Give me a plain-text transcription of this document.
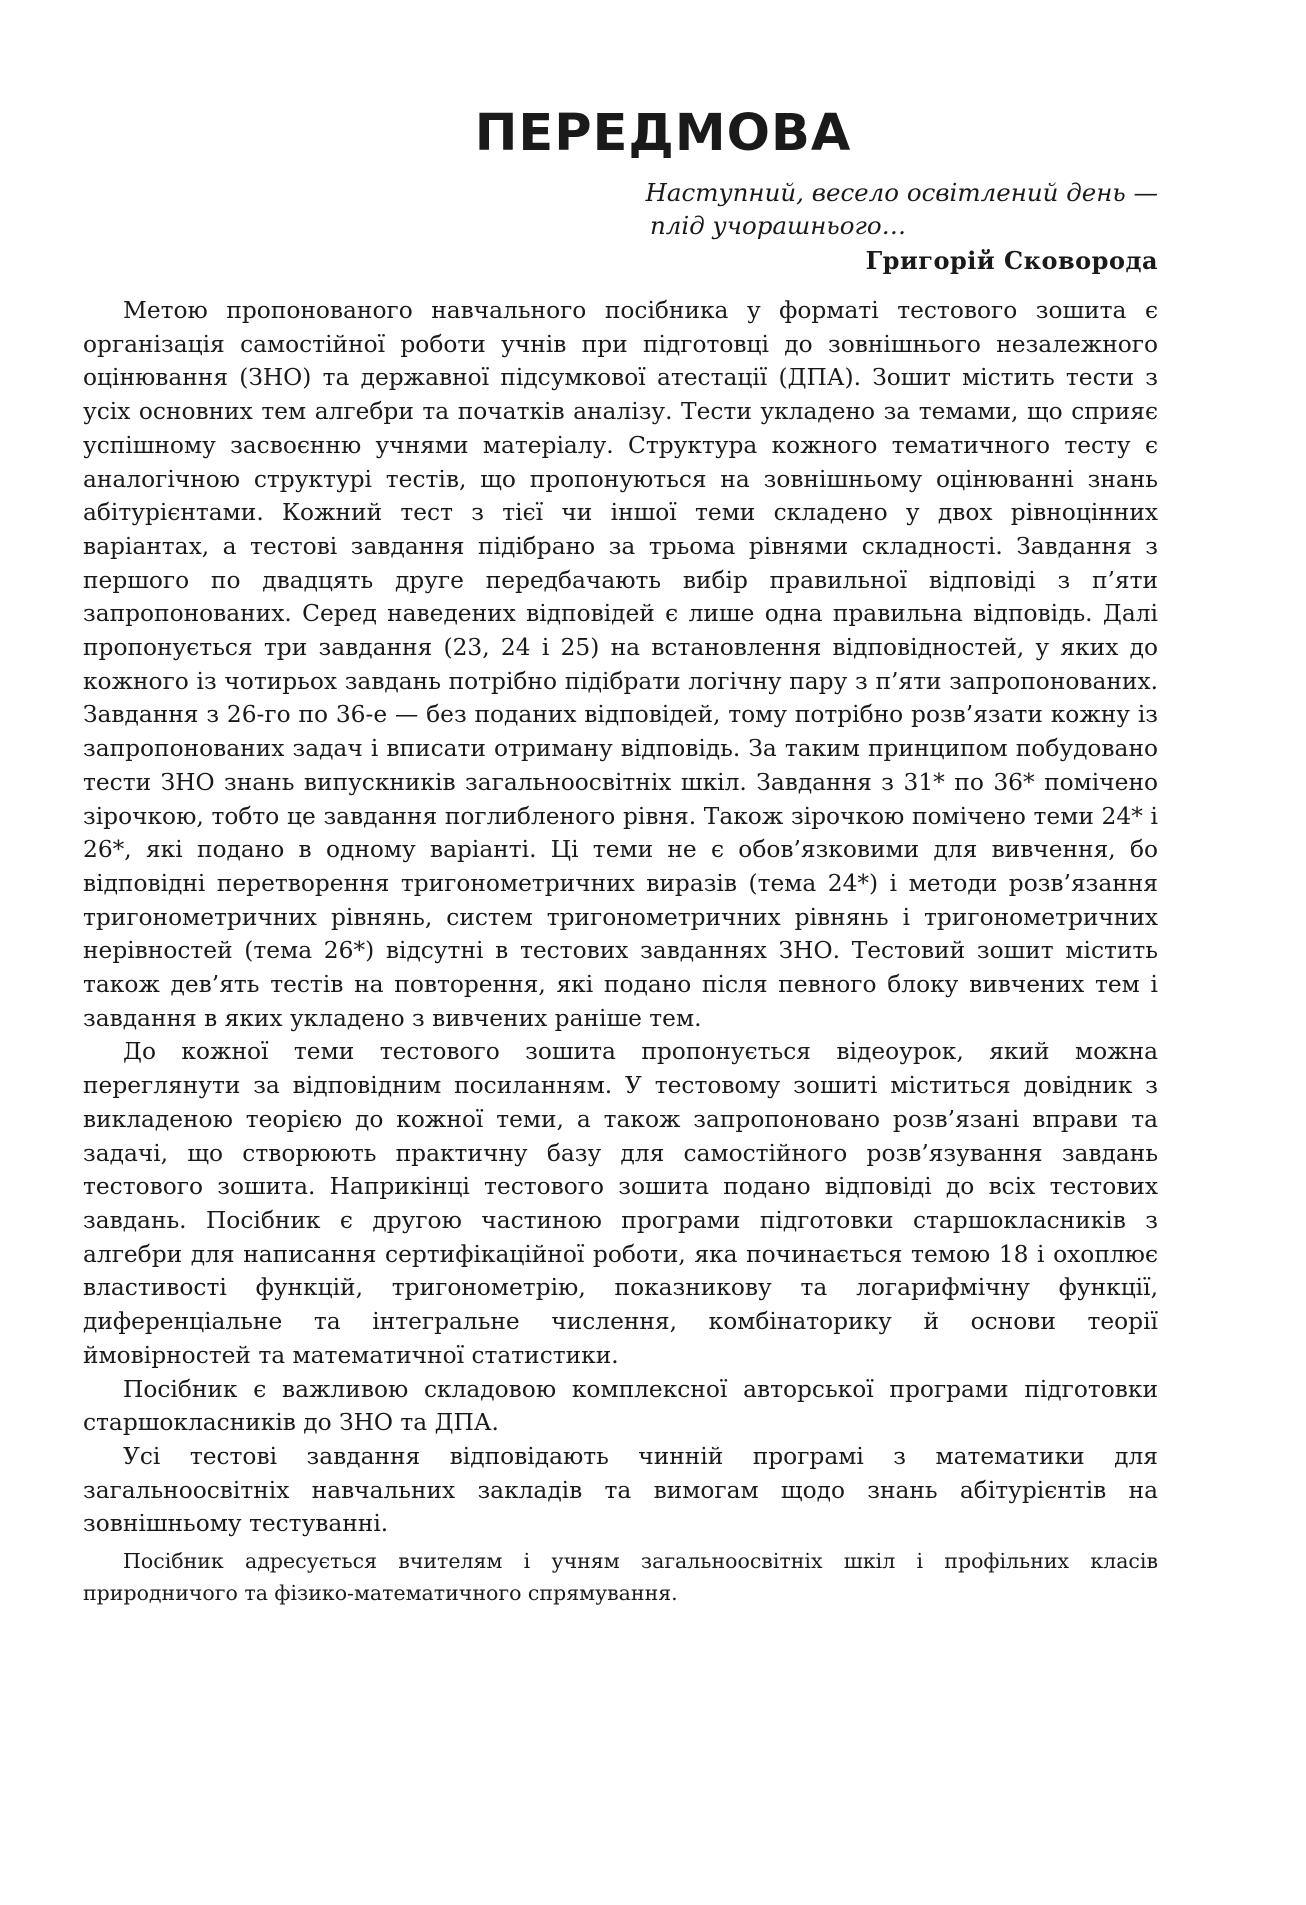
ПЕРЕДМОВА
Наступний, весело освітлений день —
плід учорашнього…
Григорій Сковорода

Метою пропонованого навчального посібника у форматі тестового зошита є організація самостійної роботи учнів при підготовці до зовнішнього незалежного оцінювання (ЗНО) та державної підсумкової атестації (ДПА). Зошит містить тести з усіх основних тем алгебри та початків аналізу. Тести укладено за темами, що сприяє успішному засвоєнню учнями матеріалу. Структура кожного тематичного тесту є аналогічною структурі тестів, що пропонуються на зовнішньому оцінюванні знань абітурієнтами. Кожний тест з тієї чи іншої теми складено у двох рівноцінних варіантах, а тестові завдання підібрано за трьома рівнями складності. Завдання з першого по двадцять друге передбачають вибір правильної відповіді з п’яти запропонованих. Серед наведених відповідей є лише одна правильна відповідь. Далі пропонується три завдання (23, 24 і 25) на встановлення відповідностей, у яких до кожного із чотирьох завдань потрібно підібрати логічну пару з п’яти запропонованих. Завдання з 26-го по 36-е — без поданих відповідей, тому потрібно розв’язати кожну із запропонованих задач і вписати отриману відповідь. За таким принципом побудовано тести ЗНО знань випускників загальноосвітніх шкіл. Завдання з 31* по 36* помічено зірочкою, тобто це завдання поглибленого рівня. Також зірочкою помічено теми 24* і 26*, які подано в одному варіанті. Ці теми не є обов’язковими для вивчення, бо відповідні перетворення тригонометричних виразів (тема 24*) і методи розв’язання тригонометричних рівнянь, систем тригонометричних рівнянь і тригонометричних нерівностей (тема 26*) відсутні в тестових завданнях ЗНО. Тестовий зошит містить також дев’ять тестів на повторення, які подано після певного блоку вивчених тем і завдання в яких укладено з вивчених раніше тем.

До кожної теми тестового зошита пропонується відеоурок, який можна переглянути за відповідним посиланням. У тестовому зошиті міститься довідник з викладеною теорією до кожної теми, а також запропоновано розв’язані вправи та задачі, що створюють практичну базу для самостійного розв’язування завдань тестового зошита. Наприкінці тестового зошита подано відповіді до всіх тестових завдань. Посібник є другою частиною програми підготовки старшокласників з алгебри для написання сертифікаційної роботи, яка починається темою 18 і охоплює властивості функцій, тригонометрію, показникову та логарифмічну функції, диференціальне та інтегральне числення, комбінаторику й основи теорії ймовірностей та математичної статистики.

Посібник є важливою складовою комплексної авторської програми підготовки старшокласників до ЗНО та ДПА.

Усі тестові завдання відповідають чинній програмі з математики для загальноосвітніх навчальних закладів та вимогам щодо знань абітурієнтів на зовнішньому тестуванні.

Посібник адресується вчителям і учням загальноосвітніх шкіл і профільних класів природничого та фізико-математичного спрямування.
